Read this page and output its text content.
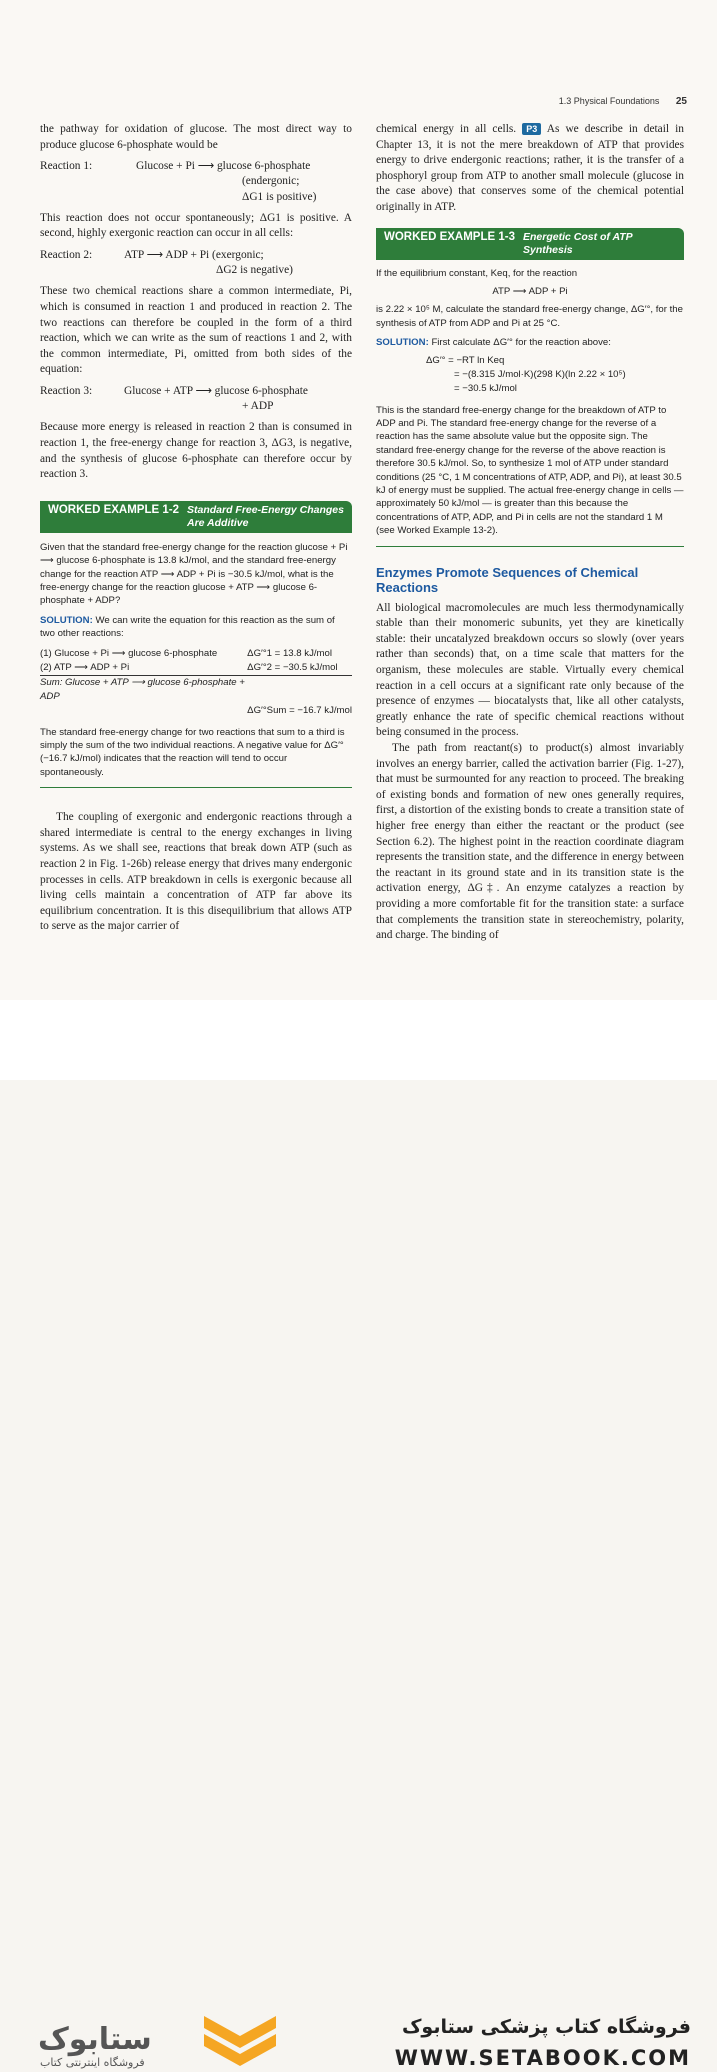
1.3 Physical Foundations 25

the pathway for oxidation of glucose. The most direct way to produce glucose 6-phosphate would be

Reaction 1:	Glucose + Pi ⟶ glucose 6-phosphate
(endergonic;
ΔG1 is positive)

This reaction does not occur spontaneously; ΔG1 is positive. A second, highly exergonic reaction can occur in all cells:

Reaction 2:	ATP ⟶ ADP + Pi (exergonic;
ΔG2 is negative)

These two chemical reactions share a common intermediate, Pi, which is consumed in reaction 1 and produced in reaction 2. The two reactions can therefore be coupled in the form of a third reaction, which we can write as the sum of reactions 1 and 2, with the common intermediate, Pi, omitted from both sides of the equation:

Reaction 3:	Glucose + ATP ⟶ glucose 6-phosphate
+ ADP

Because more energy is released in reaction 2 than is consumed in reaction 1, the free-energy change for reaction 3, ΔG3, is negative, and the synthesis of glucose 6-phosphate can therefore occur by reaction 3.

WORKED EXAMPLE 1-2 Standard Free-Energy Changes Are Additive

Given that the standard free-energy change for the reaction glucose + Pi ⟶ glucose 6-phosphate is 13.8 kJ/mol, and the standard free-energy change for the reaction ATP ⟶ ADP + Pi is −30.5 kJ/mol, what is the free-energy change for the reaction glucose + ATP ⟶ glucose 6-phosphate + ADP?

SOLUTION: We can write the equation for this reaction as the sum of two other reactions:

(1) Glucose + Pi ⟶ glucose 6-phosphate	ΔG′°1 = 13.8 kJ/mol
(2) ATP ⟶ ADP + Pi	ΔG′°2 = −30.5 kJ/mol
Sum: Glucose + ATP ⟶ glucose 6-phosphate + ADP
ΔG′°Sum = −16.7 kJ/mol

The standard free-energy change for two reactions that sum to a third is simply the sum of the two individual reactions. A negative value for ΔG′° (−16.7 kJ/mol) indicates that the reaction will tend to occur spontaneously.

The coupling of exergonic and endergonic reactions through a shared intermediate is central to the energy exchanges in living systems. As we shall see, reactions that break down ATP (such as reaction 2 in Fig. 1-26b) release energy that drives many endergonic processes in cells. ATP breakdown in cells is exergonic because all living cells maintain a concentration of ATP far above its equilibrium concentration. It is this disequilibrium that allows ATP to serve as the major carrier of

chemical energy in all cells. P3 As we describe in detail in Chapter 13, it is not the mere breakdown of ATP that provides energy to drive endergonic reactions; rather, it is the transfer of a phosphoryl group from ATP to another small molecule (glucose in the case above) that conserves some of the chemical potential originally in ATP.

WORKED EXAMPLE 1-3 Energetic Cost of ATP Synthesis

If the equilibrium constant, Keq, for the reaction

ATP ⟶ ADP + Pi

is 2.22 × 10⁵ M, calculate the standard free-energy change, ΔG′°, for the synthesis of ATP from ADP and Pi at 25 °C.

SOLUTION: First calculate ΔG′° for the reaction above:

ΔG′° = −RT ln Keq
= −(8.315 J/mol·K)(298 K)(ln 2.22 × 10⁵)
= −30.5 kJ/mol

This is the standard free-energy change for the breakdown of ATP to ADP and Pi. The standard free-energy change for the reverse of a reaction has the same absolute value but the opposite sign. The standard free-energy change for the reverse of the above reaction is therefore 30.5 kJ/mol. So, to synthesize 1 mol of ATP under standard conditions (25 °C, 1 M concentrations of ATP, ADP, and Pi), at least 30.5 kJ of energy must be supplied. The actual free-energy change in cells — approximately 50 kJ/mol — is greater than this because the concentrations of ATP, ADP, and Pi in cells are not the standard 1 M (see Worked Example 13-2).

Enzymes Promote Sequences of Chemical Reactions

All biological macromolecules are much less thermodynamically stable than their monomeric subunits, yet they are kinetically stable: their uncatalyzed breakdown occurs so slowly (over years rather than seconds) that, on a time scale that matters for the organism, these molecules are stable. Virtually every chemical reaction in a cell occurs at a significant rate only because of the presence of enzymes — biocatalysts that, like all other catalysts, greatly enhance the rate of specific chemical reactions without being consumed in the process.

The path from reactant(s) to product(s) almost invariably involves an energy barrier, called the activation barrier (Fig. 1-27), that must be surmounted for any reaction to proceed. The breaking of existing bonds and formation of new ones generally requires, first, a distortion of the existing bonds to create a transition state of higher free energy than either the reactant or the product (see Section 6.2). The highest point in the reaction coordinate diagram represents the transition state, and the difference in energy between the reactant in its ground state and in its transition state is the activation energy, ΔG‡. An enzyme catalyzes a reaction by providing a more comfortable fit for the transition state: a surface that complements the transition state in stereochemistry, polarity, and charge. The binding of

ستابوک
فروشگاه اینترنتی کتاب
فروشگاه کتاب پزشکی ستابوک
WWW.SETABOOK.COM
